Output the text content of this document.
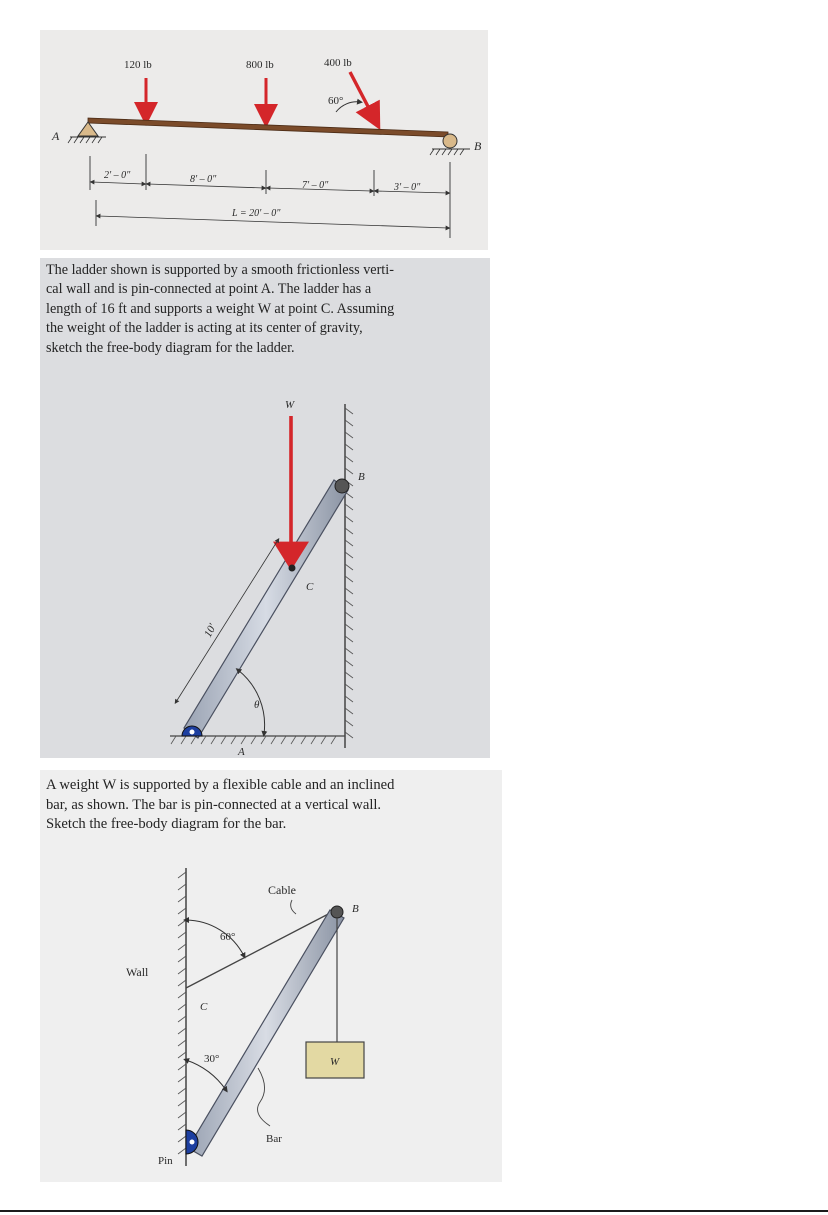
120 lb	800 lb	400 lb
60°
A
B
2' – 0"	8' – 0"
7' – 0"	3' – 0"
L = 20' – 0"

The ladder shown is supported by a smooth frictionless verti-
cal wall and is pin-connected at point A. The ladder has a
length of 16 ft and supports a weight W at point C. Assuming
the weight of the ladder is acting at its center of gravity,
sketch the free-body diagram for the ladder.

B
A
W
C
10'
θ

A weight W is supported by a flexible cable and an inclined
bar, as shown. The bar is pin-connected at a vertical wall.
Sketch the free-body diagram for the bar.

Wall
Cable
60°
B
C
30°	W
Bar
Pin
